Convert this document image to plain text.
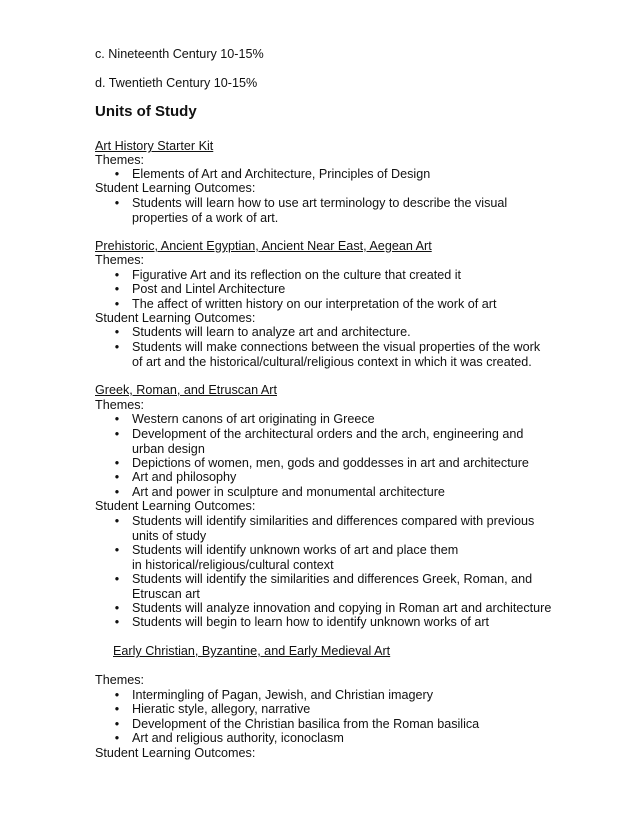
c. Nineteenth Century 10-15%
d. Twentieth Century 10-15%
Units of Study
Art History Starter Kit
Themes:
• Elements of Art and Architecture, Principles of Design
Student Learning Outcomes:
• Students will learn how to use art terminology to describe the visual properties of a work of art.
Prehistoric, Ancient Egyptian, Ancient Near East, Aegean Art
Themes:
• Figurative Art and its reflection on the culture that created it
• Post and Lintel Architecture
• The affect of written history on our interpretation of the work of art
Student Learning Outcomes:
• Students will learn to analyze art and architecture.
• Students will make connections between the visual properties of the work of art and the historical/cultural/religious context in which it was created.
Greek, Roman, and Etruscan Art
Themes:
• Western canons of art originating in Greece
• Development of the architectural orders and the arch, engineering and urban design
• Depictions of women, men, gods and goddesses in art and architecture
• Art and philosophy
• Art and power in sculpture and monumental architecture
Student Learning Outcomes:
• Students will identify similarities and differences compared with previous units of study
• Students will identify unknown works of art and place them in historical/religious/cultural context
• Students will identify the similarities and differences Greek, Roman, and Etruscan art
• Students will analyze innovation and copying in Roman art and architecture
• Students will begin to learn how to identify unknown works of art
Early Christian, Byzantine, and Early Medieval Art
Themes:
• Intermingling of Pagan, Jewish, and Christian imagery
• Hieratic style, allegory, narrative
• Development of the Christian basilica from the Roman basilica
• Art and religious authority, iconoclasm
Student Learning Outcomes:
